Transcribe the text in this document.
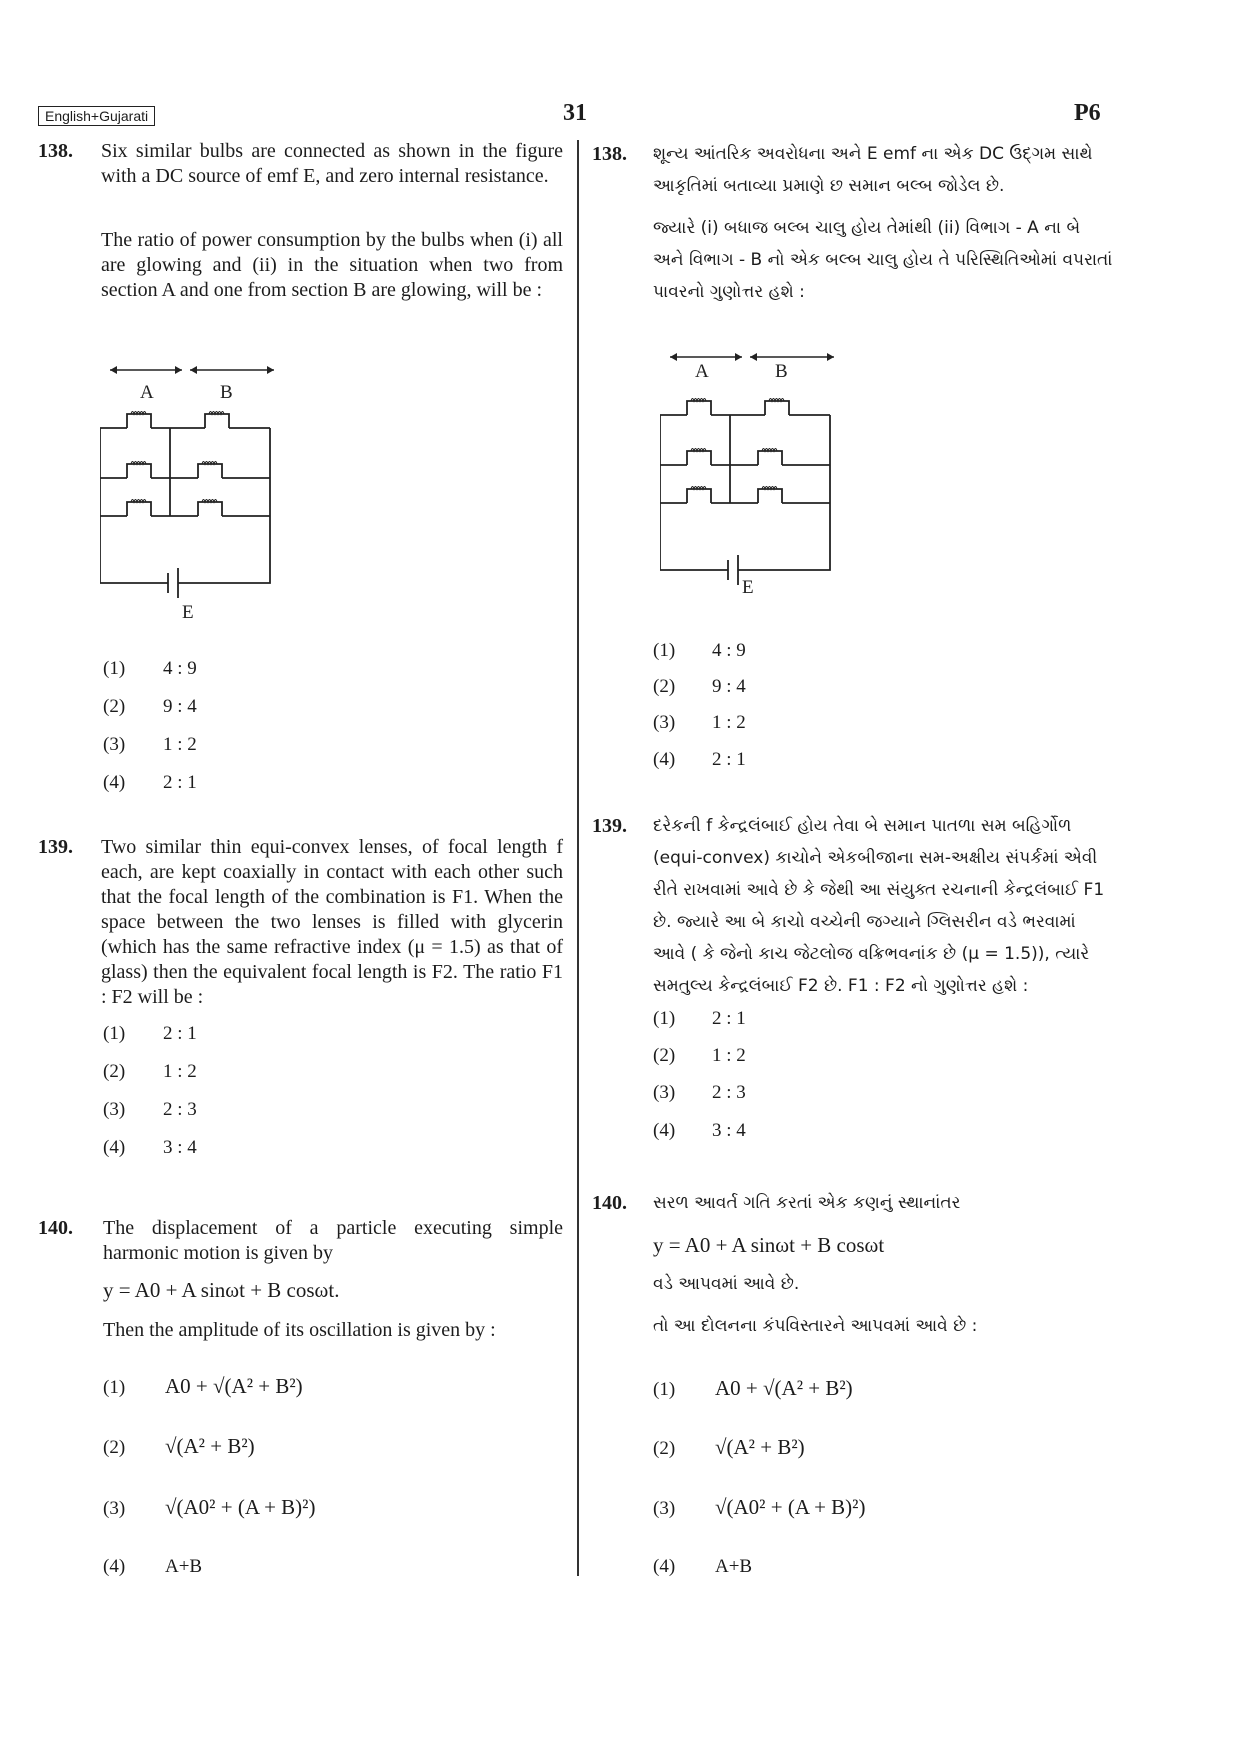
English+Gujarati	31	P6
138. Six similar bulbs are connected as shown in the figure with a DC source of emf E, and zero internal resistance.
The ratio of power consumption by the bulbs when (i) all are glowing and (ii) in the situation when two from section A and one from section B are glowing, will be :
A	B
E
(1) 4 : 9
(2) 9 : 4
(3) 1 : 2
(4) 2 : 1
139. Two similar thin equi-convex lenses, of focal length f each, are kept coaxially in contact with each other such that the focal length of the combination is F1. When the space between the two lenses is filled with glycerin (which has the same refractive index (μ = 1.5) as that of glass) then the equivalent focal length is F2. The ratio F1 : F2 will be :
(1) 2 : 1
(2) 1 : 2
(3) 2 : 3
(4) 3 : 4
140. The displacement of a particle executing simple harmonic motion is given by
y = A0 + A sinωt + B cosωt.
Then the amplitude of its oscillation is given by :
(1) A0 + √(A² + B²)
(2) √(A² + B²)
(3) √(A0² + (A + B)²)
(4) A+B
138. શૂન્ય આંતરિક અવરોધના અને E emf ના એક DC ઉદ્‌ગમ સાથે આકૃતિમાં બતાવ્યા પ્રમાણે છ સમાન બલ્બ જોડેલ છે.
જ્યારે (i) બધાજ બલ્બ ચાલુ હોય તેમાંથી (ii) વિભાગ - A ના બે અને વિભાગ - B નો એક બલ્બ ચાલુ હોય તે પરિસ્થિતિઓમાં વપરાતાં પાવરનો ગુણોત્તર હશે :
A	B
E
(1) 4 : 9
(2) 9 : 4
(3) 1 : 2
(4) 2 : 1
139. દરેકની f કેન્દ્રલંબાઈ હોય તેવા બે સમાન પાતળા સમ બહિર્ગોળ (equi-convex) કાચોને એકબીજાના સમ-અક્ષીય સંપર્કમાં એવી રીતે રાખવામાં આવે છે કે જેથી આ સંયુક્ત રચનાની કેન્દ્રલંબાઈ F1 છે. જ્યારે આ બે કાચો વચ્ચેની જગ્યાને ગ્લિસરીન વડે ભરવામાં આવે ( કે જેનો કાચ જેટલોજ વક્રિભવનાંક છે (μ = 1.5)), ત્યારે સમતુલ્ય કેન્દ્રલંબાઈ F2 છે. F1 : F2 નો ગુણોત્તર હશે :
(1) 2 : 1
(2) 1 : 2
(3) 2 : 3
(4) 3 : 4
140. સરળ આવર્ત ગતિ કરતાં એક કણનું સ્થાનાંતર
y = A0 + A sinωt + B cosωt
વડે આપવમાં આવે છે.
તો આ દોલનના કંપવિસ્તારને આપવમાં આવે છે :
(1) A0 + √(A² + B²)
(2) √(A² + B²)
(3) √(A0² + (A + B)²)
(4) A+B
